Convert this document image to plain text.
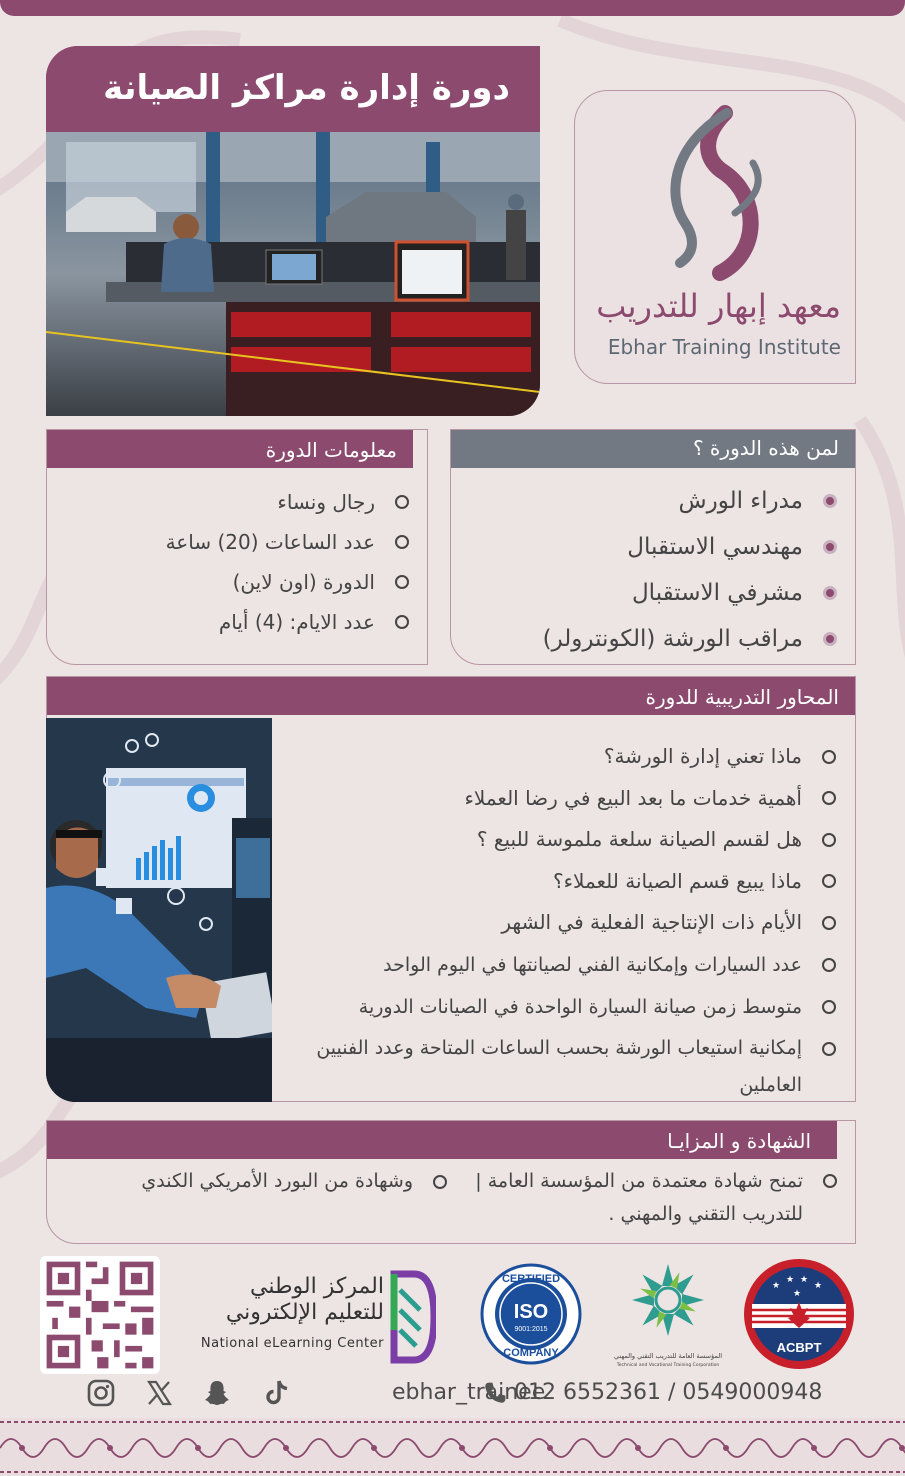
دورة إدارة مراكز الصيانة
معهد إبهار للتدريب
Ebhar Training Institute
معلومات الدورة
رجال ونساء
عدد الساعات (20) ساعة
الدورة (اون لاين)
عدد الايام: (4) أيام
لمن هذه الدورة ؟
مدراء الورش
مهندسي الاستقبال
مشرفي الاستقبال
مراقب الورشة (الكونترولر)
المحاور التدريبية للدورة
ماذا تعني إدارة الورشة؟
أهمية خدمات ما بعد البيع في رضا العملاء
هل لقسم الصيانة سلعة ملموسة للبيع ؟
ماذا يبيع قسم الصيانة للعملاء؟
الأيام ذات الإنتاجية الفعلية في الشهر
عدد السيارات وإمكانية الفني لصيانتها في اليوم الواحد
متوسط زمن صيانة السيارة الواحدة في الصيانات الدورية
إمكانية استيعاب الورشة بحسب الساعات المتاحة وعدد الفنيين العاملين
الشهادة و المزايـا
تمنح شهادة معتمدة من المؤسسة العامة | للتدريب التقني والمهني .
وشهادة من البورد الأمريكي الكندي
المركز الوطني
للتعليم الإلكتروني
National eLearning Center
CERTIFIED
ISO
9001:2015
COMPANY	المؤسسة العامة للتدريب التقني والمهني
Technical and Vocational Training Corporation
★
★ ★
★
★
ACBPT
ebhar_trainee
012 6552361 / 0549000948
